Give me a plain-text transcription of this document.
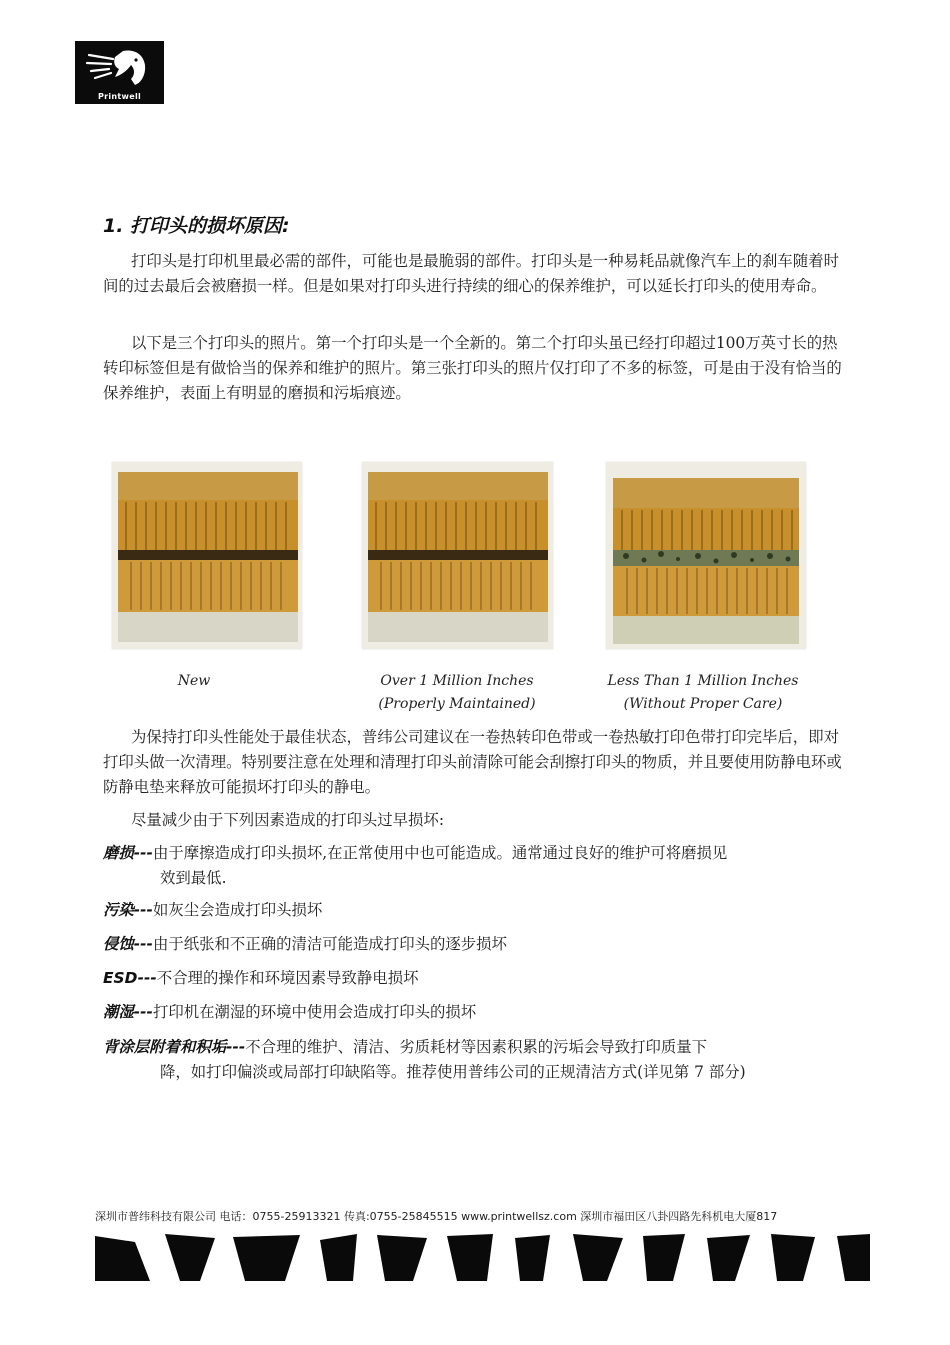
Printwell
1. 打印头的损坏原因:

打印头是打印机里最必需的部件，可能也是最脆弱的部件。打印头是一种易耗品就像汽车上的刹车随着时间的过去最后会被磨损一样。但是如果对打印头进行持续的细心的保养维护，可以延长打印头的使用寿命。

以下是三个打印头的照片。第一个打印头是一个全新的。第二个打印头虽已经打印超过100万英寸长的热转印标签但是有做恰当的保养和维护的照片。第三张打印头的照片仅打印了不多的标签，可是由于没有恰当的保养维护，表面上有明显的磨损和污垢痕迹。

New	Over 1 Million Inches
(Properly Maintained)
Less Than 1 Million Inches
(Without Proper Care)

为保持打印头性能处于最佳状态，普纬公司建议在一卷热转印色带或一卷热敏打印色带打印完毕后，即对打印头做一次清理。特别要注意在处理和清理打印头前清除可能会刮擦打印头的物质，并且要使用防静电环或防静电垫来释放可能损坏打印头的静电。

尽量减少由于下列因素造成的打印头过早损坏:

磨损---由于摩擦造成打印头损坏,在正常使用中也可能造成。通常通过良好的维护可将磨损见
效到最低.
污染---如灰尘会造成打印头损坏
侵蚀---由于纸张和不正确的清洁可能造成打印头的逐步损坏
ESD---不合理的操作和环境因素导致静电损坏
潮湿---打印机在潮湿的环境中使用会造成打印头的损坏
背涂层附着和积垢---不合理的维护、清洁、劣质耗材等因素积累的污垢会导致打印质量下
降，如打印偏淡或局部打印缺陷等。推荐使用普纬公司的正规清洁方式(详见第 7 部分)
深圳市普纬科技有限公司 电话：0755-25913321 传真:0755-25845515 www.printwellsz.com 深圳市福田区八卦四路先科机电大厦817
